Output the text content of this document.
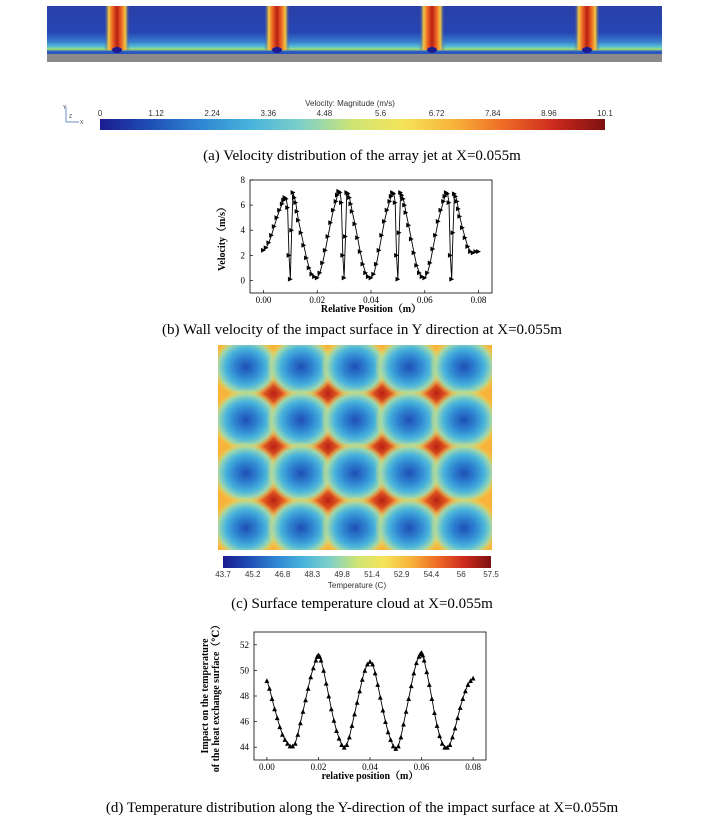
Y
X
Z
Velocity: Magnitude (m/s)
0	1.12	2.24	3.36	4.48	5.6	6.72	7.84	8.96	10.1
(a) Velocity distribution of the array jet at X=0.055m
0.00	0.02	0.04	0.06	0.08
0
2
4
6
8
Relative Position（m）
Velocity（m/s）
(b) Wall velocity of the impact surface in Y direction at X=0.055m
43.7 45.2 46.8 48.3 49.8 51.4 52.9 54.4 56 57.5
Temperature (C)
(c) Surface temperature cloud at X=0.055m
0.00	0.02	0.04	0.06	0.08
44
46
48
50
52
relative position（m）
Impact on the temperature of the heat exchange surface（℃）
(d) Temperature distribution along the Y-direction of the impact surface at X=0.055m
